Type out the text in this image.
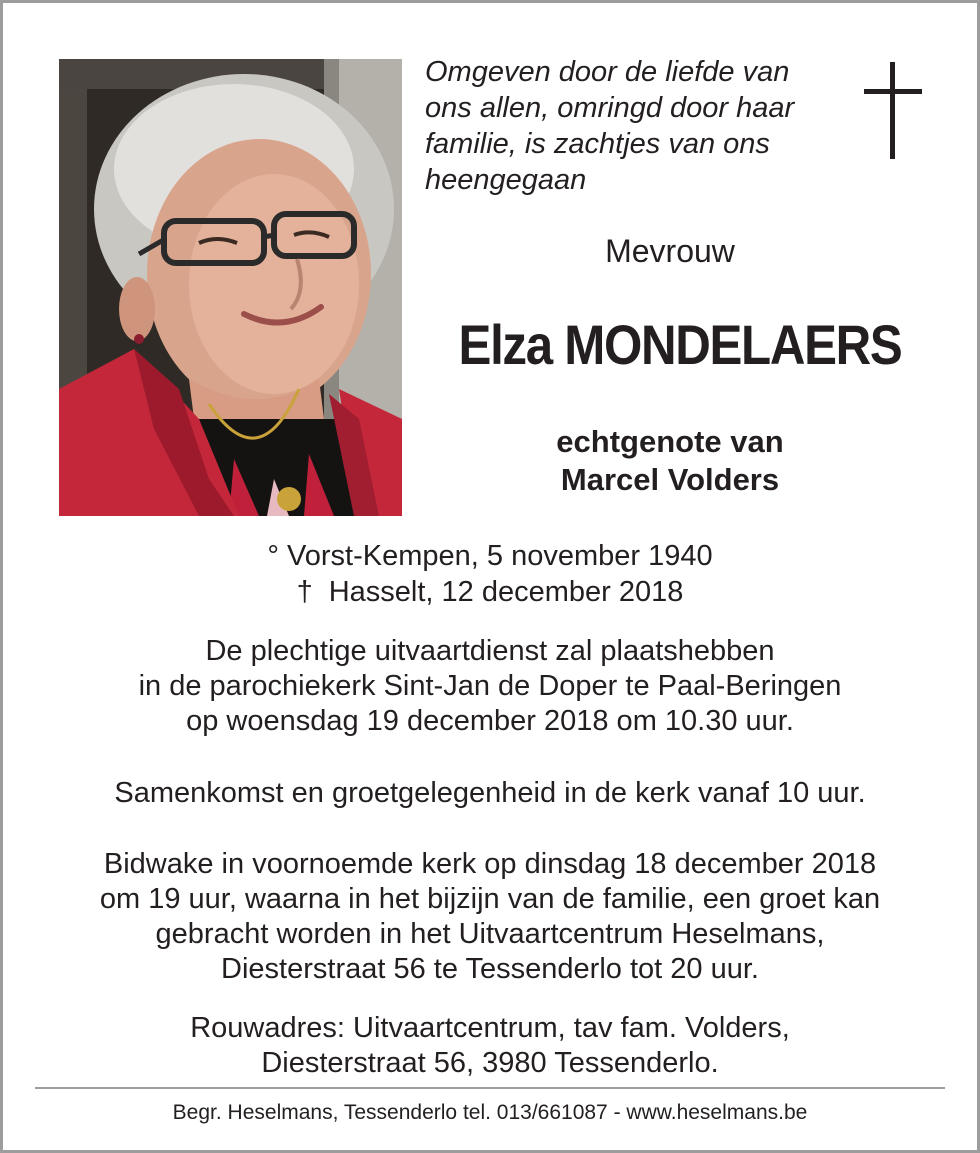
Omgeven door de liefde van
ons allen, omringd door haar
familie, is zachtjes van ons
heengegaan
Mevrouw
Elza MONDELAERS
echtgenote van
Marcel Volders
° Vorst-Kempen, 5 november 1940
† Hasselt, 12 december 2018
De plechtige uitvaartdienst zal plaatshebben
in de parochiekerk Sint-Jan de Doper te Paal-Beringen
op woensdag 19 december 2018 om 10.30 uur.
Samenkomst en groetgelegenheid in de kerk vanaf 10 uur.
Bidwake in voornoemde kerk op dinsdag 18 december 2018
om 19 uur, waarna in het bijzijn van de familie, een groet kan
gebracht worden in het Uitvaartcentrum Heselmans,
Diesterstraat 56 te Tessenderlo tot 20 uur.
Rouwadres: Uitvaartcentrum, tav fam. Volders,
Diesterstraat 56, 3980 Tessenderlo.
Begr. Heselmans, Tessenderlo tel. 013/661087 - www.heselmans.be
